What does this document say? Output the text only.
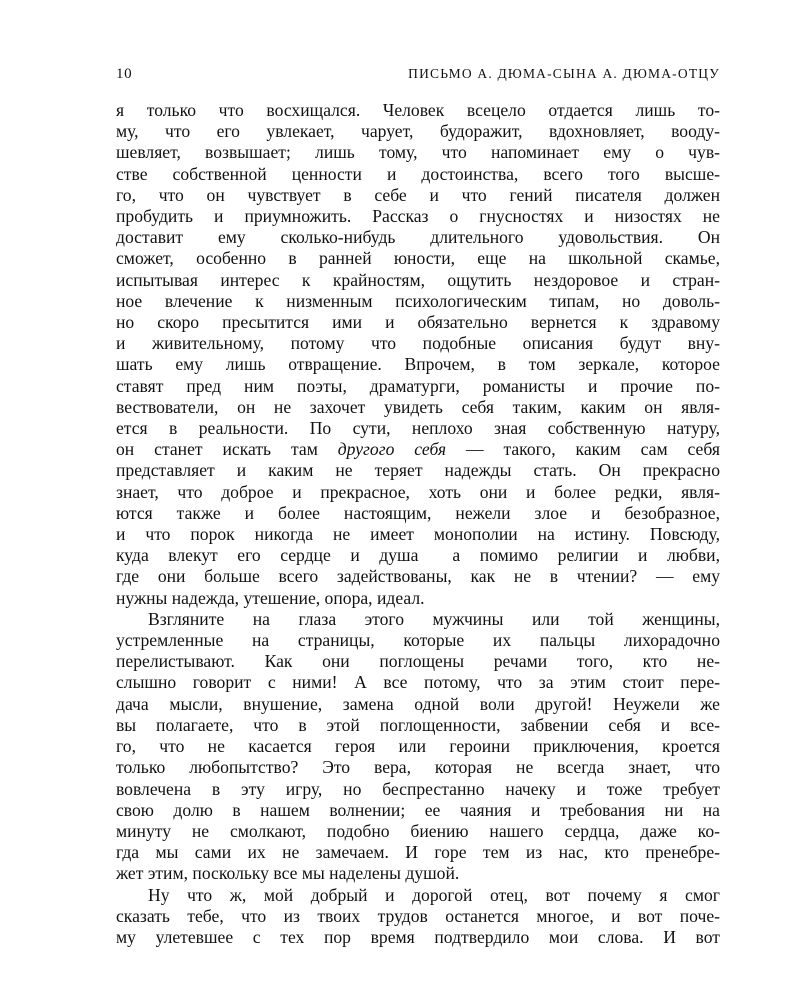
10	ПИСЬМО А. ДЮМА-СЫНА А. ДЮМА-ОТЦУ
я только что восхищался. Человек всецело отдается лишь то-
му, что его увлекает, чарует, будоражит, вдохновляет, вооду-
шевляет, возвышает; лишь тому, что напоминает ему о чув-
стве собственной ценности и достоинства, всего того высше-
го, что он чувствует в себе и что гений писателя должен
пробудить и приумножить. Рассказ о гнусностях и низостях не
доставит ему сколько-нибудь длительного удовольствия. Он
сможет, особенно в ранней юности, еще на школьной скамье,
испытывая интерес к крайностям, ощутить нездоровое и стран-
ное влечение к низменным психологическим типам, но доволь-
но скоро пресытится ими и обязательно вернется к здравому
и живительному, потому что подобные описания будут вну-
шать ему лишь отвращение. Впрочем, в том зеркале, которое
ставят пред ним поэты, драматурги, романисты и прочие по-
вествователи, он не захочет увидеть себя таким, каким он явля-
ется в реальности. По сути, неплохо зная собственную натуру,
он станет искать там другого себя — такого, каким сам себя
представляет и каким не теряет надежды стать. Он прекрасно
знает, что доброе и прекрасное, хоть они и более редки, явля-
ются также и более настоящим, нежели злое и безобразное,
и что порок никогда не имеет монополии на истину. Повсюду,
куда влекут его сердце и душа а помимо религии и любви,
где они больше всего задействованы, как не в чтении? — ему
нужны надежда, утешение, опора, идеал.
Взгляните на глаза этого мужчины или той женщины,
устремленные на страницы, которые их пальцы лихорадочно
перелистывают. Как они поглощены речами того, кто не-
слышно говорит с ними! А все потому, что за этим стоит пере-
дача мысли, внушение, замена одной воли другой! Неужели же
вы полагаете, что в этой поглощенности, забвении себя и все-
го, что не касается героя или героини приключения, кроется
только любопытство? Это вера, которая не всегда знает, что
вовлечена в эту игру, но беспрестанно начеку и тоже требует
свою долю в нашем волнении; ее чаяния и требования ни на
минуту не смолкают, подобно биению нашего сердца, даже ко-
гда мы сами их не замечаем. И горе тем из нас, кто пренебре-
жет этим, поскольку все мы наделены душой.
Ну что ж, мой добрый и дорогой отец, вот почему я смог
сказать тебе, что из твоих трудов останется многое, и вот поче-
му улетевшее с тех пор время подтвердило мои слова. И вот
